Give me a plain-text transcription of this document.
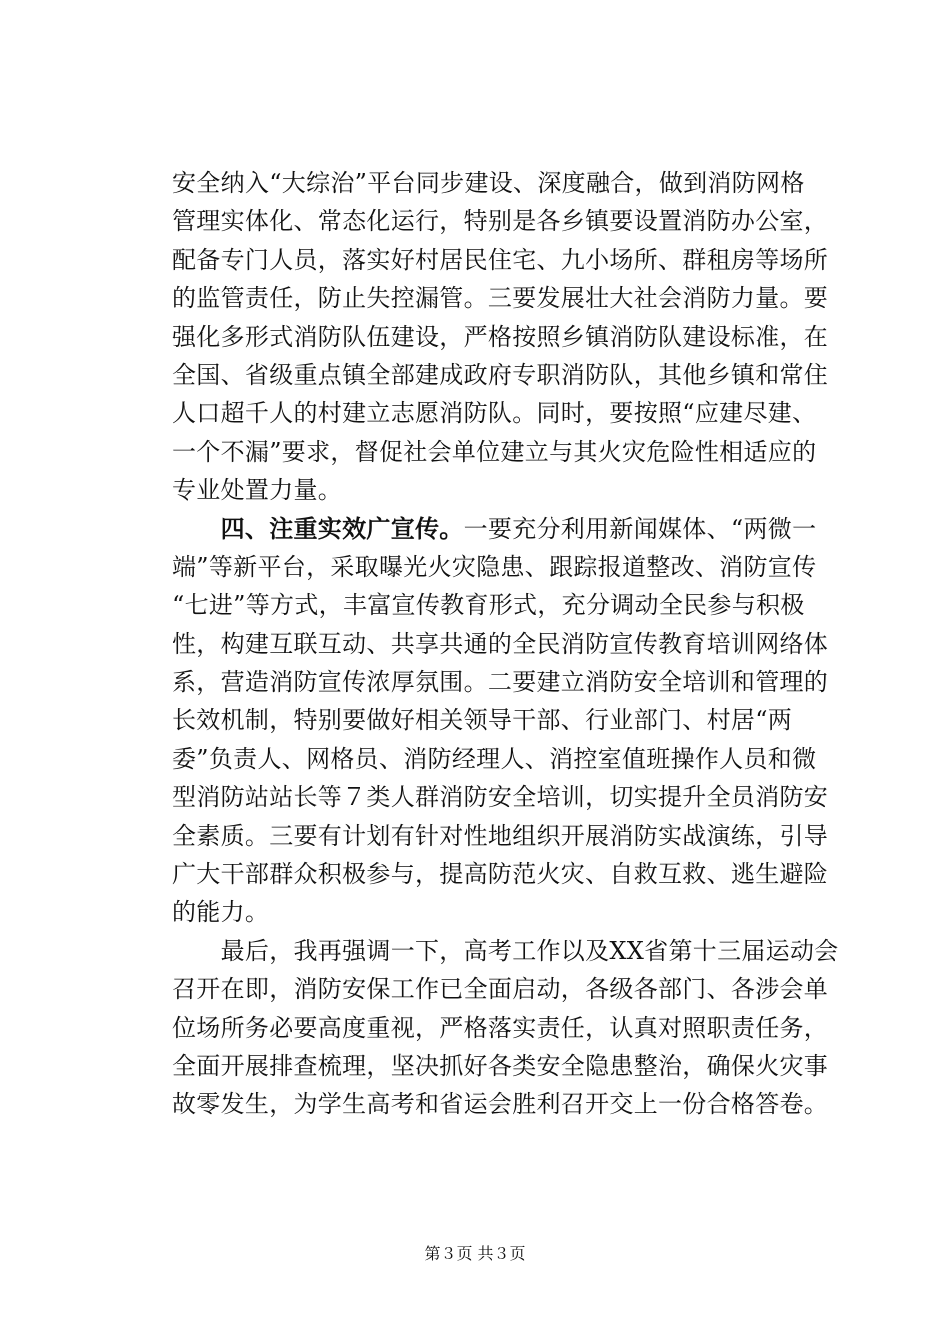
安全纳入“大综治”平台同步建设、深度融合，做到消防网格
管理实体化、常态化运行，特别是各乡镇要设置消防办公室，
配备专门人员，落实好村居民住宅、九小场所、群租房等场所
的监管责任，防止失控漏管。三要发展壮大社会消防力量。要
强化多形式消防队伍建设，严格按照乡镇消防队建设标准，在
全国、省级重点镇全部建成政府专职消防队，其他乡镇和常住
人口超千人的村建立志愿消防队。同时，要按照“应建尽建、
一个不漏”要求，督促社会单位建立与其火灾危险性相适应的
专业处置力量。
　　四、注重实效广宣传。一要充分利用新闻媒体、“两微一
端”等新平台，采取曝光火灾隐患、跟踪报道整改、消防宣传
“七进”等方式，丰富宣传教育形式，充分调动全民参与积极
性，构建互联互动、共享共通的全民消防宣传教育培训网络体
系，营造消防宣传浓厚氛围。二要建立消防安全培训和管理的
长效机制，特别要做好相关领导干部、行业部门、村居“两
委”负责人、网格员、消防经理人、消控室值班操作人员和微
型消防站站长等７类人群消防安全培训，切实提升全员消防安
全素质。三要有计划有针对性地组织开展消防实战演练，引导
广大干部群众积极参与，提高防范火灾、自救互救、逃生避险
的能力。
　　最后，我再强调一下，高考工作以及XX省第十三届运动会
召开在即，消防安保工作已全面启动，各级各部门、各涉会单
位场所务必要高度重视，严格落实责任，认真对照职责任务，
全面开展排查梳理，坚决抓好各类安全隐患整治，确保火灾事
故零发生，为学生高考和省运会胜利召开交上一份合格答卷。
第３页 共３页
